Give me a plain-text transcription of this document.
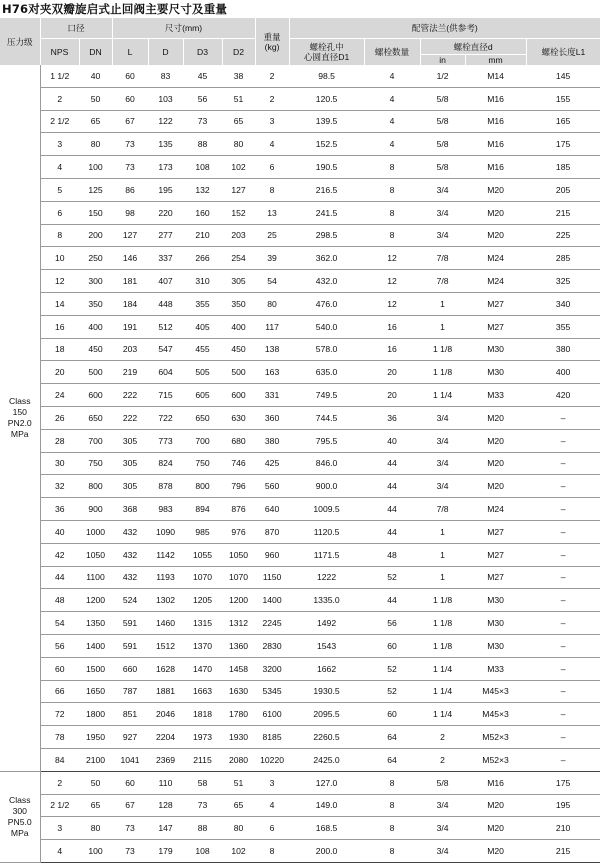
H76对夹双瓣旋启式止回阀主要尺寸及重量
压力级	口径		尺寸(mm)				重量
(kg)	配管法兰(供参考)				
	NPS	DN	L	D	D3	D2		螺栓孔中
心圆直径D1	螺栓数量	螺栓直径d		螺栓长度L1
										in	mm	
Class
150
PN2.0
MPa	1 1/2	40	60	83	45	38	2	98.5	4	1/2	M14	145
	2	50	60	103	56	51	2	120.5	4	5/8	M16	155
	2 1/2	65	67	122	73	65	3	139.5	4	5/8	M16	165
	3	80	73	135	88	80	4	152.5	4	5/8	M16	175
	4	100	73	173	108	102	6	190.5	8	5/8	M16	185
	5	125	86	195	132	127	8	216.5	8	3/4	M20	205
	6	150	98	220	160	152	13	241.5	8	3/4	M20	215
	8	200	127	277	210	203	25	298.5	8	3/4	M20	225
	10	250	146	337	266	254	39	362.0	12	7/8	M24	285
	12	300	181	407	310	305	54	432.0	12	7/8	M24	325
	14	350	184	448	355	350	80	476.0	12	1	M27	340
	16	400	191	512	405	400	117	540.0	16	1	M27	355
	18	450	203	547	455	450	138	578.0	16	1 1/8	M30	380
	20	500	219	604	505	500	163	635.0	20	1 1/8	M30	400
	24	600	222	715	605	600	331	749.5	20	1 1/4	M33	420
	26	650	222	722	650	630	360	744.5	36	3/4	M20	–
	28	700	305	773	700	680	380	795.5	40	3/4	M20	–
	30	750	305	824	750	746	425	846.0	44	3/4	M20	–
	32	800	305	878	800	796	560	900.0	44	3/4	M20	–
	36	900	368	983	894	876	640	1009.5	44	7/8	M24	–
	40	1000	432	1090	985	976	870	1120.5	44	1	M27	–
	42	1050	432	1142	1055	1050	960	1171.5	48	1	M27	–
	44	1100	432	1193	1070	1070	1150	1222	52	1	M27	–
	48	1200	524	1302	1205	1200	1400	1335.0	44	1 1/8	M30	–
	54	1350	591	1460	1315	1312	2245	1492	56	1 1/8	M30	–
	56	1400	591	1512	1370	1360	2830	1543	60	1 1/8	M30	–
	60	1500	660	1628	1470	1458	3200	1662	52	1 1/4	M33	–
	66	1650	787	1881	1663	1630	5345	1930.5	52	1 1/4	M45×3	–
	72	1800	851	2046	1818	1780	6100	2095.5	60	1 1/4	M45×3	–
	78	1950	927	2204	1973	1930	8185	2260.5	64	2	M52×3	–
	84	2100	1041	2369	2115	2080	10220	2425.0	64	2	M52×3	–
Class
300
PN5.0
MPa	2	50	60	110	58	51	3	127.0	8	5/8	M16	175
	2 1/2	65	67	128	73	65	4	149.0	8	3/4	M20	195
	3	80	73	147	88	80	6	168.5	8	3/4	M20	210
	4	100	73	179	108	102	8	200.0	8	3/4	M20	215
